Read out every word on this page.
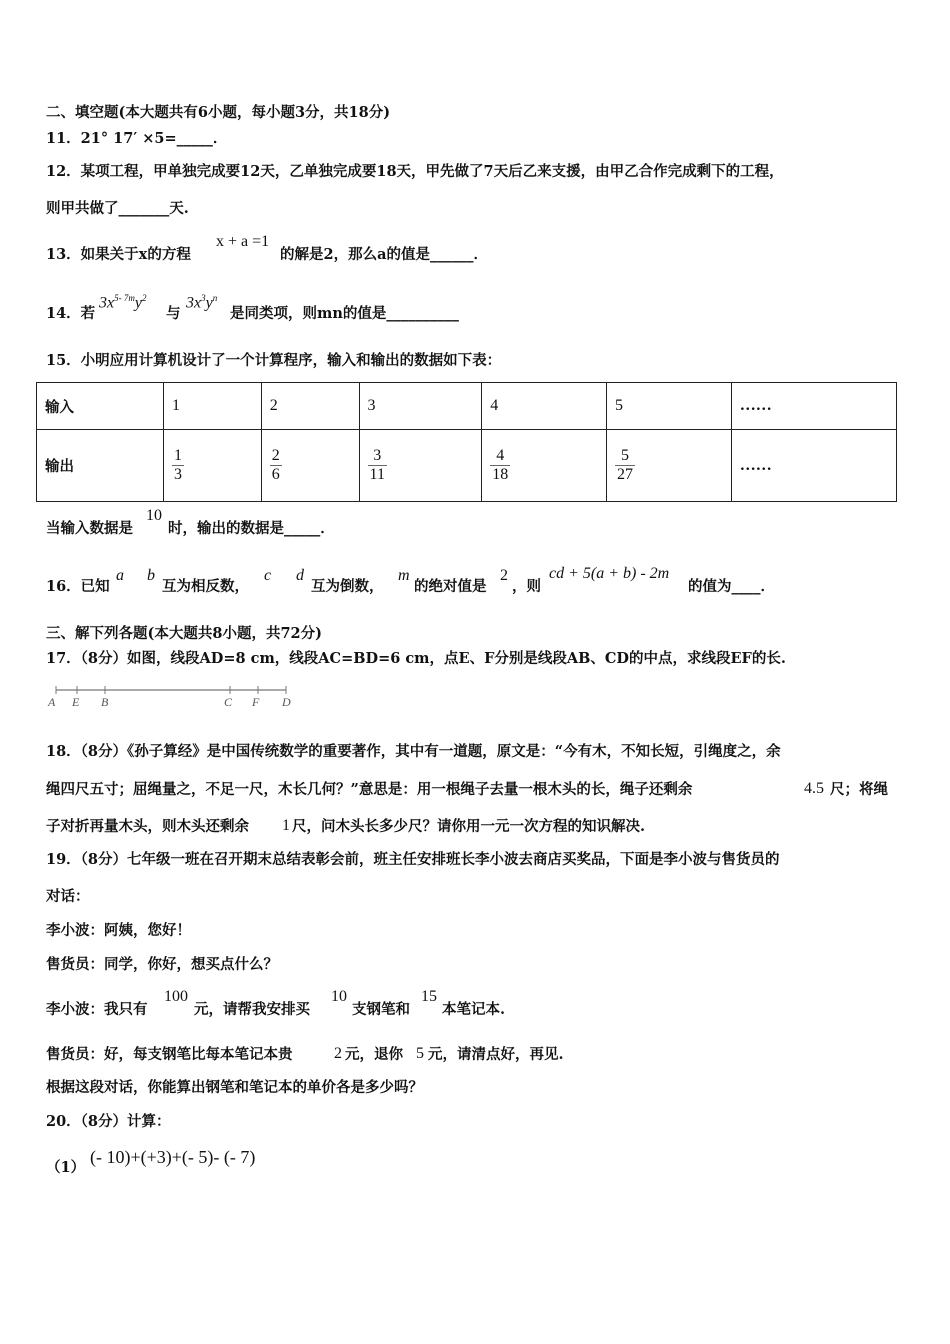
二、填空题(本大题共有6小题，每小题3分，共18分)
11．21° 17′ ×5=_____．
12．某项工程，甲单独完成要12天，乙单独完成要18天，甲先做了7天后乙来支援，由甲乙合作完成剩下的工程，
则甲共做了_______天.
13．如果关于x的方程
x + a =1
的解是2，那么a的值是______．
14．若
$3x^{5- 7m}y^2$
与
$3x^3y^n$
是同类项，则mn的值是__________
15．小明应用计算机设计了一个计算程序，输入和输出的数据如下表：
输入	1	2	3	4	5	……
输出	$\frac{1}{3}$	$\frac{2}{6}$	$\frac{3}{11}$	$\frac{4}{18}$	$\frac{5}{27}$	……
当输入数据是
10
时，输出的数据是_____．
16．已知
a b
互为相反数，
c d
互为倒数，
m
的绝对值是
2
，则
cd + 5(a + b) - 2m
的值为____．
三、解下列各题(本大题共8小题，共72分)
17．（8分）如图，线段AD=8 cm，线段AC=BD=6 cm，点E、F分别是线段AB、CD的中点，求线段EF的长.
A E B	C F D
18．（8分）《孙子算经》是中国传统数学的重要著作，其中有一道题，原文是：“今有木，不知长短，引绳度之，余
绳四尺五寸；屈绳量之，不足一尺，木长几何？”意思是：用一根绳子去量一根木头的长，绳子还剩余	4.5 尺；将绳
子对折再量木头，则木头还剩余 1 尺，问木头长多少尺？请你用一元一次方程的知识解决.
19．（8分）七年级一班在召开期末总结表彰会前，班主任安排班长李小波去商店买奖品，下面是李小波与售货员的
对话：
李小波：阿姨，您好！
售货员：同学，你好，想买点什么？
李小波：我只有
100
元，请帮我安排买
10
支钢笔和
15
本笔记本.
售货员：好，每支钢笔比每本笔记本贵	2 元，退你 5 元，请清点好，再见.
根据这段对话，你能算出钢笔和笔记本的单价各是多少吗？
20．（8分）计算：
（1）
(- 10)+(+3)+(- 5)- (- 7)
